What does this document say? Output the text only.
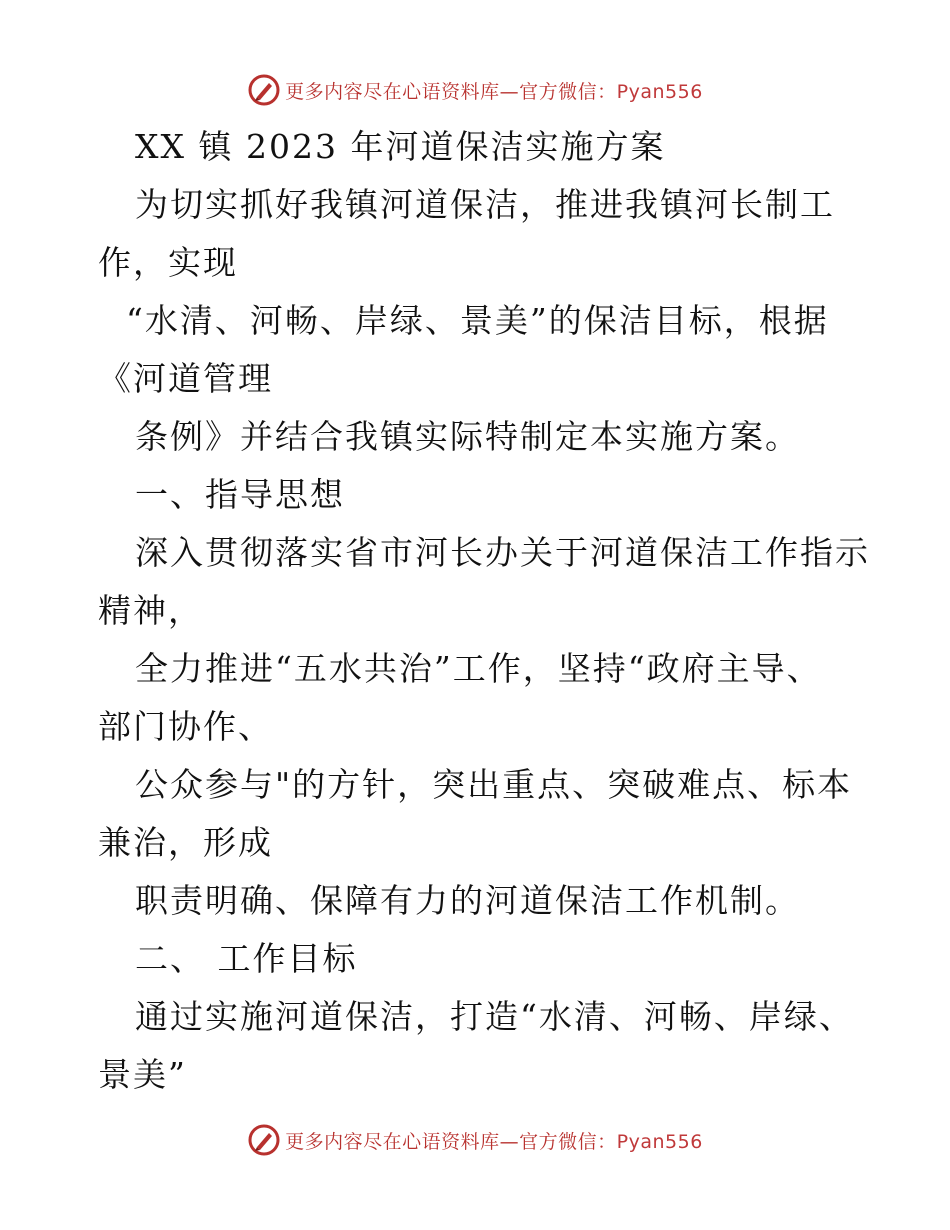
更多内容尽在心语资料库—官方微信：Pyan556
XX 镇 2023 年河道保洁实施方案
为切实抓好我镇河道保洁，推进我镇河长制工
作，实现
“水清、河畅、岸绿、景美”的保洁目标，根据
《河道管理
条例》并结合我镇实际特制定本实施方案。
一、指导思想
深入贯彻落实省市河长办关于河道保洁工作指示
精神，
全力推进“五水共治”工作，坚持“政府主导、
部门协作、
公众参与"的方针，突出重点、突破难点、标本
兼治，形成
职责明确、保障有力的河道保洁工作机制。
二、 工作目标
通过实施河道保洁，打造“水清、河畅、岸绿、
景美”
更多内容尽在心语资料库—官方微信：Pyan556
